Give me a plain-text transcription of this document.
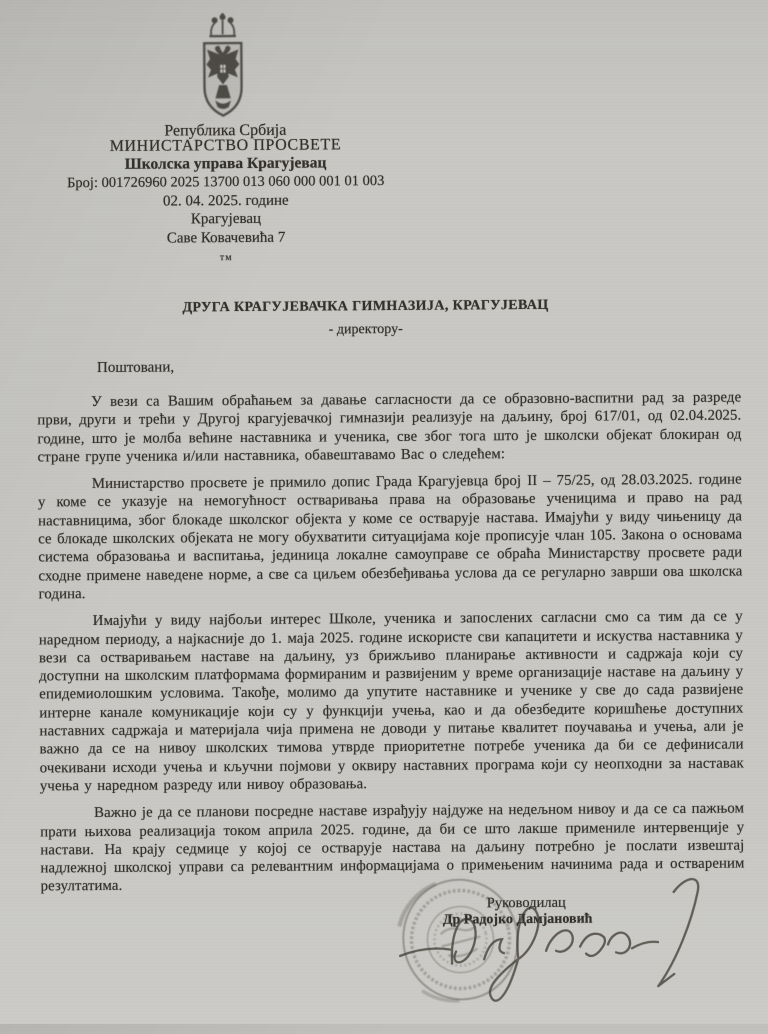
Република Србија
МИНИСТАРСТВО ПРОСВЕТЕ
Школска управа Крагујевац
Број: 001726960 2025 13700 013 060 000 001 01 003
02. 04. 2025. године
Крагујевац
Саве Ковачевића 7
тм
ДРУГА КРАГУЈЕВАЧКА ГИМНАЗИЈА, КРАГУЈЕВАЦ
- директору-
Поштовани,

У вези са Вашим обраћањем за давање сагласности да се образовно-васпитни рад за разреде први, други и трећи у Другој крагујевачкој гимназији реализује на даљину, број 617/01, од 02.04.2025. године, што је молба већине наставника и ученика, све због тога што је школски објекат блокиран од стране групе ученика и/или наставника, обавештавамо Вас о следећем:

Министарство просвете је примило допис Града Крагујевца број II – 75/25, од 28.03.2025. године у коме се указује на немогућност остваривања права на образовање ученицима и право на рад наставницима, због блокаде школског објекта у коме се остварује настава. Имајући у виду чињеницу да се блокаде школских објеката не могу обухватити ситуацијама које прописује члан 105. Закона о основама система образовања и васпитања, јединица локалне самоуправе се обраћа Министарству просвете ради сходне примене наведене норме, а све са циљем обезбеђивања услова да се регуларно заврши ова школска година.

Имајући у виду најбољи интерес Школе, ученика и запослених сагласни смо са тим да се у наредном периоду, а најкасније до 1. маја 2025. године искористе сви капацитети и искуства наставника у вези са остваривањем наставе на даљину, уз брижљиво планирање активности и садржаја који су доступни на школским платформама формираним и развијеним у време организације наставе на даљину у епидемиолошким условима. Такође, молимо да упутите наставнике и ученике у све до сада развијене интерне канале комуникације који су у функцији учења, као и да обезбедите коришћење доступних наставних садржаја и материјала чија примена не доводи у питање квалитет поучавања и учења, али је важно да се на нивоу школских тимова утврде приоритетне потребе ученика да би се дефинисали очекивани исходи учења и кључни појмови у оквиру наставних програма који су неопходни за наставак учења у наредном разреду или нивоу образовања.

Важно је да се планови посредне наставе израђују најдуже на недељном нивоу и да се са пажњом прати њихова реализација током априла 2025. године, да би се што лакше примениле интервенције у настави. На крају седмице у којој се остварује настава на даљину потребно је послати извештај надлежној школској управи са релевантним информацијама о примењеним начинима рада и оствареним резултатима.

Руководилац
Др Радојко Дамјановић
